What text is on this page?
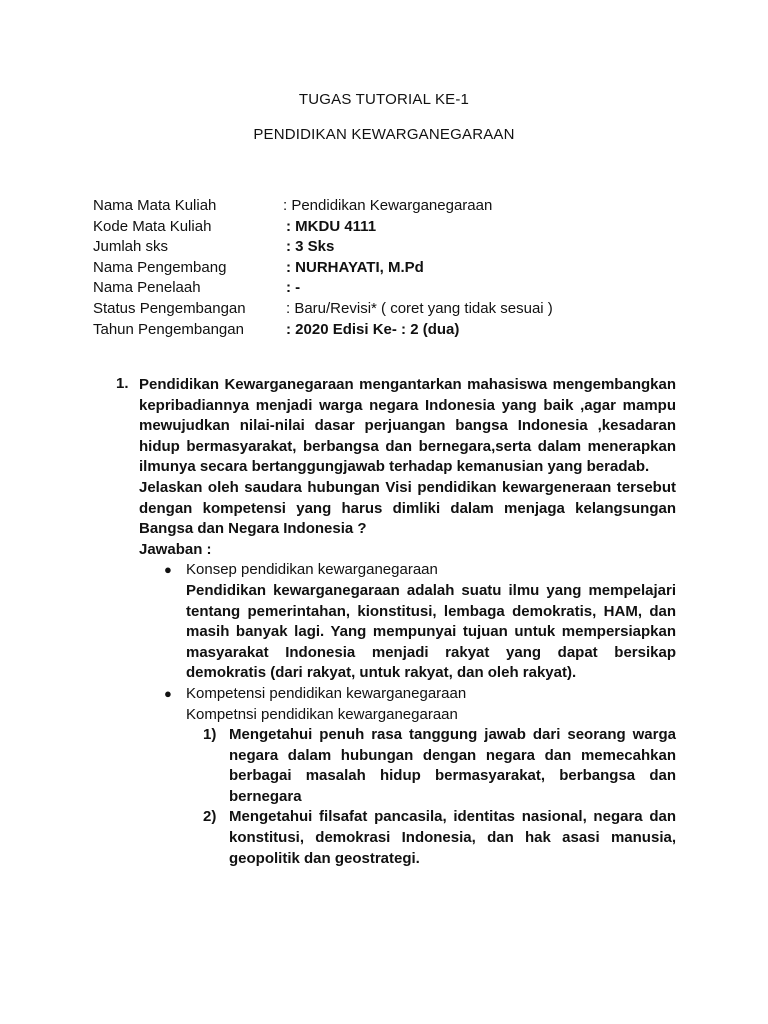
TUGAS TUTORIAL KE-1
PENDIDIKAN KEWARGANEGARAAN
Nama Mata Kuliah	: Pendidikan Kewarganegaraan
Kode Mata Kuliah	: MKDU 4111
Jumlah sks	: 3 Sks
Nama Pengembang	: NURHAYATI, M.Pd
Nama Penelaah	: -
Status Pengembangan	: Baru/Revisi* ( coret yang tidak sesuai )
Tahun Pengembangan	: 2020 Edisi Ke- : 2 (dua)
1. Pendidikan Kewarganegaraan mengantarkan mahasiswa mengembangkan kepribadiannya menjadi warga negara Indonesia yang baik ,agar mampu mewujudkan nilai-nilai dasar perjuangan bangsa Indonesia ,kesadaran hidup bermasyarakat, berbangsa dan bernegara,serta dalam menerapkan ilmunya secara bertanggungjawab terhadap kemanusian yang beradab.

Jelaskan oleh saudara hubungan Visi pendidikan kewargeneraan tersebut dengan kompetensi yang harus dimliki dalam menjaga kelangsungan Bangsa dan Negara Indonesia ?

Jawaban :

● Konsep pendidikan kewarganegaraan

Pendidikan kewarganegaraan adalah suatu ilmu yang mempelajari tentang pemerintahan, kionstitusi, lembaga demokratis, HAM, dan masih banyak lagi. Yang mempunyai tujuan untuk mempersiapkan masyarakat Indonesia menjadi rakyat yang dapat bersikap demokratis (dari rakyat, untuk rakyat, dan oleh rakyat).

● Kompetensi pendidikan kewarganegaraan

Kompetnsi pendidikan kewarganegaraan

1) Mengetahui penuh rasa tanggung jawab dari seorang warga negara dalam hubungan dengan negara dan memecahkan berbagai masalah hidup bermasyarakat, berbangsa dan bernegara

2) Mengetahui filsafat pancasila, identitas nasional, negara dan konstitusi, demokrasi Indonesia, dan hak asasi manusia, geopolitik dan geostrategi.
